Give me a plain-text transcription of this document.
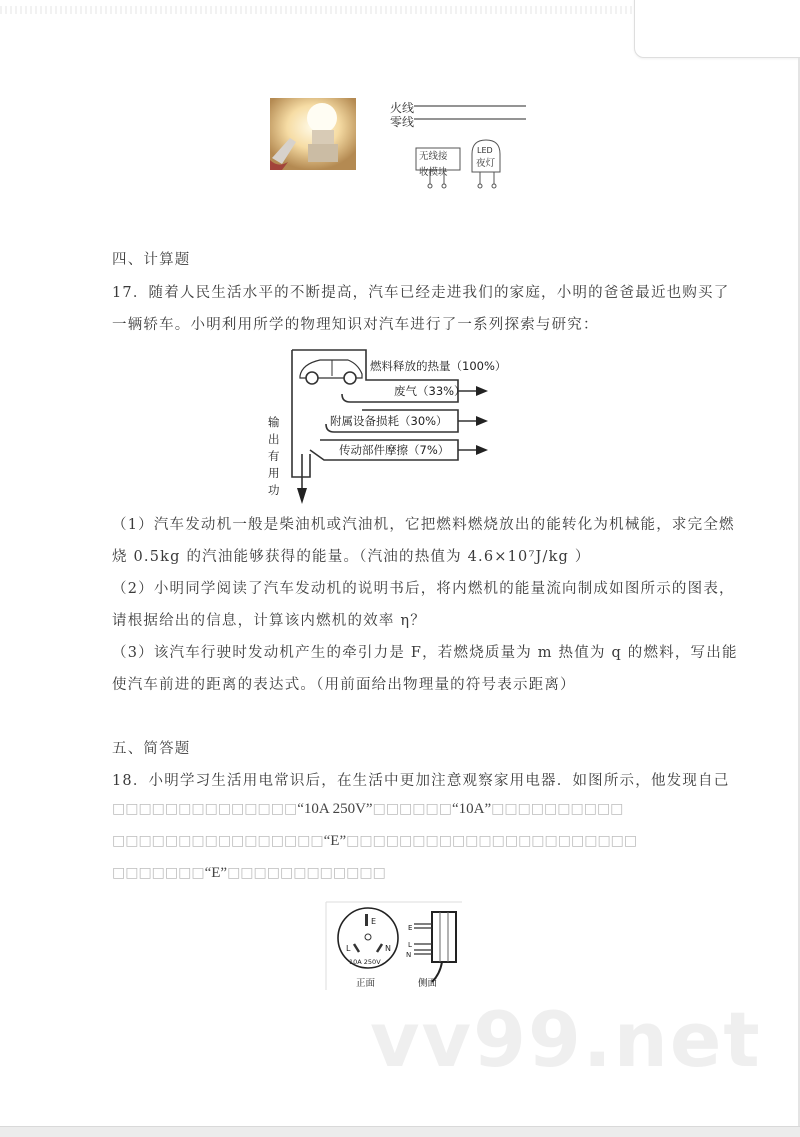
火线
零线
无线接
收模块
LED
夜灯
四、计算题
17．随着人民生活水平的不断提高，汽车已经走进我们的家庭，小明的爸爸最近也购买了
一辆轿车。小明利用所学的物理知识对汽车进行了一系列探索与研究：
燃料释放的热量（100%）
废气（33%）
附属设备损耗（30%）
传动部件摩擦（7%）
输
出
有
用
功
（1）汽车发动机一般是柴油机或汽油机，它把燃料燃烧放出的能转化为机械能，求完全燃
烧 0.5kg 的汽油能够获得的能量。（汽油的热值为 4.6×10⁷J/kg ）
（2）小明同学阅读了汽车发动机的说明书后，将内燃机的能量流向制成如图所示的图表，
请根据给出的信息，计算该内燃机的效率 η？
（3）该汽车行驶时发动机产生的牵引力是 F，若燃烧质量为 m 热值为 q 的燃料，写出能
使汽车前进的距离的表达式。（用前面给出物理量的符号表示距离）
五、简答题
18．小明学习生活用电常识后，在生活中更加注意观察家用电器．如图所示，他发现自己
□□□□□□□□□□□□□□“10A 250V”□□□□□□“10A”□□□□□□□□□□
□□□□□□□□□□□□□□□□“E”□□□□□□□□□□□□□□□□□□□□□□
□□□□□□□“E”□□□□□□□□□□□□
E
L	N
10A 250V
正面
E
L
N
侧面
vv99.net
